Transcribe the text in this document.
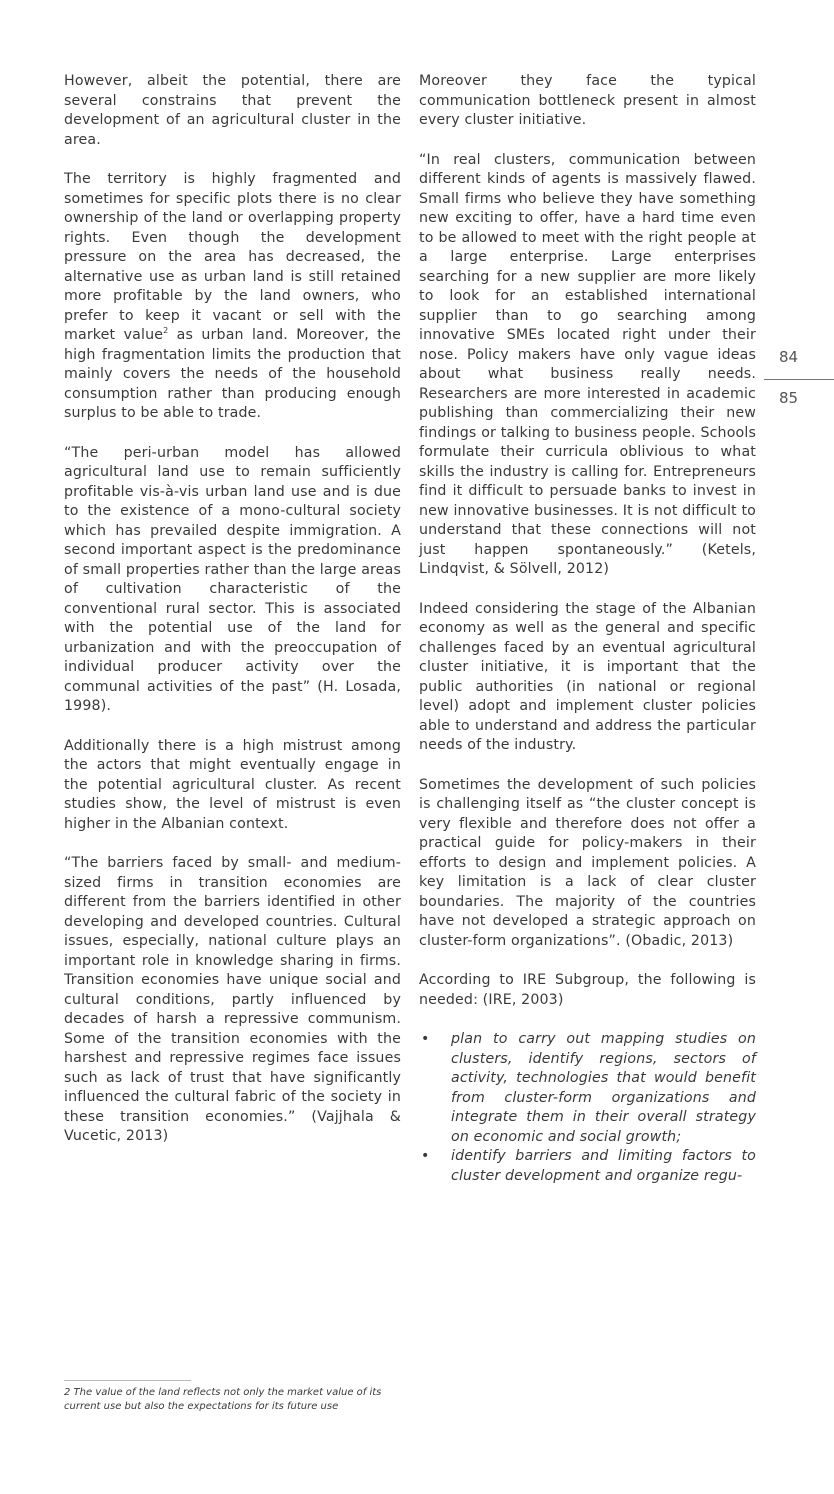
However, albeit the potential, there are several constrains that prevent the development of an agricultural cluster in the area.

The territory is highly fragmented and sometimes for specific plots there is no clear ownership of the land or overlapping property rights. Even though the development pressure on the area has decreased, the alternative use as urban land is still retained more profitable by the land owners, who prefer to keep it vacant or sell with the market value$^2$ as urban land. Moreover, the high fragmentation limits the production that mainly covers the needs of the household consumption rather than producing enough surplus to be able to trade.

“The peri-urban model has allowed agricultural land use to remain sufficiently profitable vis-à-vis urban land use and is due to the existence of a mono-cultural society which has prevailed despite immigration. A second important aspect is the predominance of small properties rather than the large areas of cultivation characteristic of the conventional rural sector. This is associated with the potential use of the land for urbanization and with the preoccupation of individual producer activity over the communal activities of the past” (H. Losada, 1998).

Additionally there is a high mistrust among the actors that might eventually engage in the potential agricultural cluster. As recent studies show, the level of mistrust is even higher in the Albanian context.

“The barriers faced by small- and medium-sized firms in transition economies are different from the barriers identified in other developing and developed countries. Cultural issues, especially, national culture plays an important role in knowledge sharing in firms. Transition economies have unique social and cultural conditions, partly influenced by decades of harsh a repressive communism. Some of the transition economies with the harshest and repressive regimes face issues such as lack of trust that have significantly influenced the cultural fabric of the society in these transition economies.” (Vajjhala & Vucetic, 2013)

Moreover they face the typical communication bottleneck present in almost every cluster initiative.

“In real clusters, communication between different kinds of agents is massively flawed. Small firms who believe they have something new exciting to offer, have a hard time even to be allowed to meet with the right people at a large enterprise. Large enterprises searching for a new supplier are more likely to look for an established international supplier than to go searching among innovative SMEs located right under their nose. Policy makers have only vague ideas about what business really needs. Researchers are more interested in academic publishing than commercializing their new findings or talking to business people. Schools formulate their curricula oblivious to what skills the industry is calling for. Entrepreneurs find it difficult to persuade banks to invest in new innovative businesses. It is not difficult to understand that these connections will not just happen spontaneously.” (Ketels, Lindqvist, & Sölvell, 2012)

Indeed considering the stage of the Albanian economy as well as the general and specific challenges faced by an eventual agricultural cluster initiative, it is important that the public authorities (in national or regional level) adopt and implement cluster policies able to understand and address the particular needs of the industry.

Sometimes the development of such policies is challenging itself as “the cluster concept is very flexible and therefore does not offer a practical guide for policy-makers in their efforts to design and implement policies. A key limitation is a lack of clear cluster boundaries. The majority of the countries have not developed a strategic approach on cluster-form organizations”. (Obadic, 2013)

According to IRE Subgroup, the following is needed: (IRE, 2003)

• plan to carry out mapping studies on clusters, identify regions, sectors of activity, technologies that would benefit from cluster-form organizations and integrate them in their overall strategy on economic and social growth;
• identify barriers and limiting factors to cluster development and organize regu-
2 The value of the land reflects not only the market value of its current use but also the expectations for its future use
84
85
